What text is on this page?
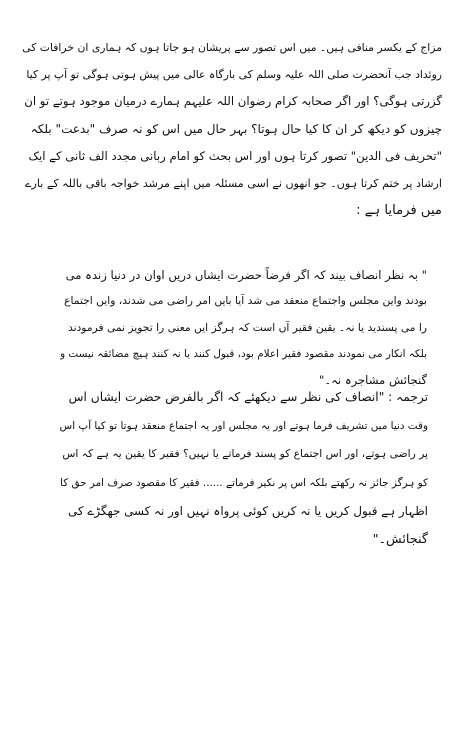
مزاج کے یکسر منافی ہیں۔ میں اس تصور سے پریشان ہو جاتا ہوں کہ ہماری ان خرافات کی
روئداد جب آنحضرت صلی اللہ علیہ وسلم کی بارگاہ عالی میں پیش ہوتی ہوگی تو آپ پر کیا
گزرتی ہوگی؟ اور اگر صحابہ کرام رضوان اللہ علیہم ہمارے درمیان موجود ہوتے تو ان
چیزوں کو دیکھ کر ان کا کیا حال ہوتا؟ بہر حال میں اس کو نہ صرف "بدعت" بلکہ
"تحریف فی الدین" تصور کرتا ہوں اور اس بحث کو امام ربانی مجدد الف ثانی کے ایک
ارشاد پر ختم کرتا ہوں۔ جو انھوں نے اسی مسئلہ میں اپنے مرشد خواجہ باقی باللہ کے بارے
میں فرمایا ہے :
" بہ نظر انصاف بیند کہ اگر فرضاً حضرت ایشاں دریں اوان در دنیا زندہ می
بودند واین مجلس واجتماع منعقد می شد آیا بایں امر راضی می شدند، وایں اجتماع
را می پسندید یا نہ۔ یقین فقیر آں است کہ ہرگز ایں معنی را تجویز نمی فرمودند
بلکہ انکار می نمودند مقصود فقیر اعلام بود، قبول کنند یا نہ کنند ہیچ مضائقہ نیست و
گنجائش مشاجرہ نہ۔"
ترجمہ : "انصاف کی نظر سے دیکھئے کہ اگر بالفرض حضرت ایشاں اس
وقت دنیا میں تشریف فرما ہوتے اور یہ مجلس اور یہ اجتماع منعقد ہوتا تو کیا آپ اس
پر راضی ہوتے، اور اس اجتماع کو پسند فرماتے یا نہیں؟ فقیر کا یقین یہ ہے کہ اس
کو ہرگز جائز نہ رکھتے بلکہ اس پر نکیر فرماتے ...... فقیر کا مقصود صرف امر حق کا
اظہار ہے قبول کریں یا نہ کریں کوئی پرواہ نہیں اور نہ کسی جھگڑے کی
گنجائش۔"
